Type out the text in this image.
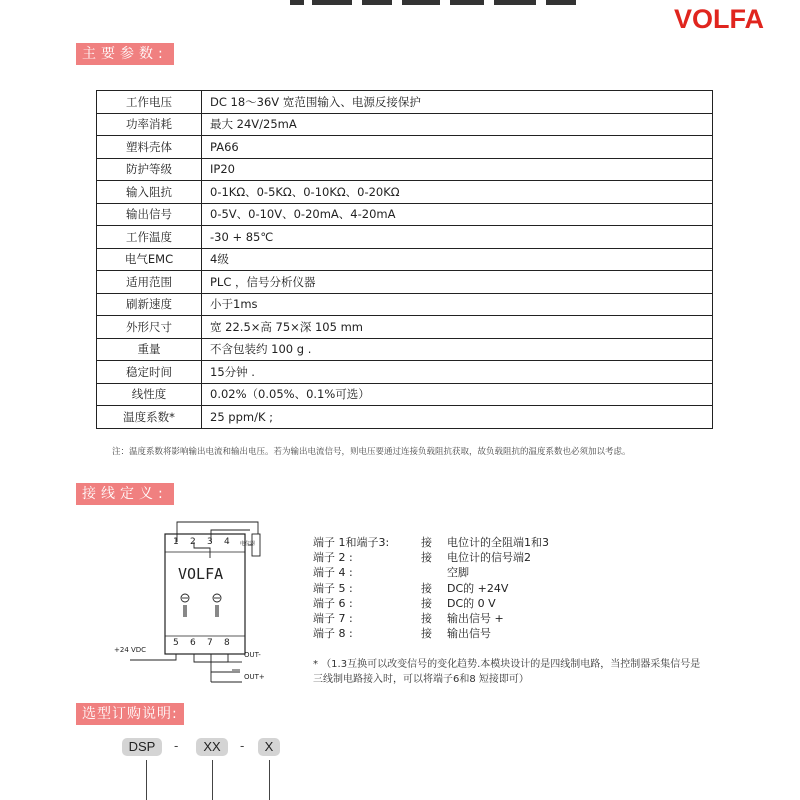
VOLFA
主要参数:
工作电压	DC 18～36V 宽范围输入、电源反接保护
功率消耗	最大 24V/25mA
塑料壳体	PA66
防护等级	IP20
输入阻抗	0-1KΩ、0-5KΩ、0-10KΩ、0-20KΩ
输出信号	0-5V、0-10V、0-20mA、4-20mA
工作温度	-30 + 85℃
电气EMC	4级
适用范围	PLC ，信号分析仪器
刷新速度	小于1ms
外形尺寸	宽 22.5×高 75×深 105 mm
重量	不含包装约 100 g .
稳定时间	15分钟 .
线性度	0.02%（0.05%、0.1%可选）
温度系数*	25 ppm/K ;
注：温度系数将影响输出电流和输出电压。若为输出电流信号，则电压要通过连接负载阻抗获取，故负载阻抗的温度系数也必须加以考虑。
接线定义:
电位器
1 2 3 4
VOLFA
5 6 7 8
+24 VDC
OUT-
OUT+
端子 1和端子3:	接 电位计的全阻端1和3
端子 2 :	接 电位计的信号端2
端子 4 :	空脚
端子 5 :	接 DC的 +24V
端子 6 :	接 DC的 0 V
端子 7 :	接 输出信号 +
端子 8 :	接 输出信号
* （1.3互换可以改变信号的变化趋势.本模块设计的是四线制电路，当控制器采集信号是
三线制电路接入时，可以将端子6和8 短接即可）
选型订购说明:
DSP	-	XX	-	X
